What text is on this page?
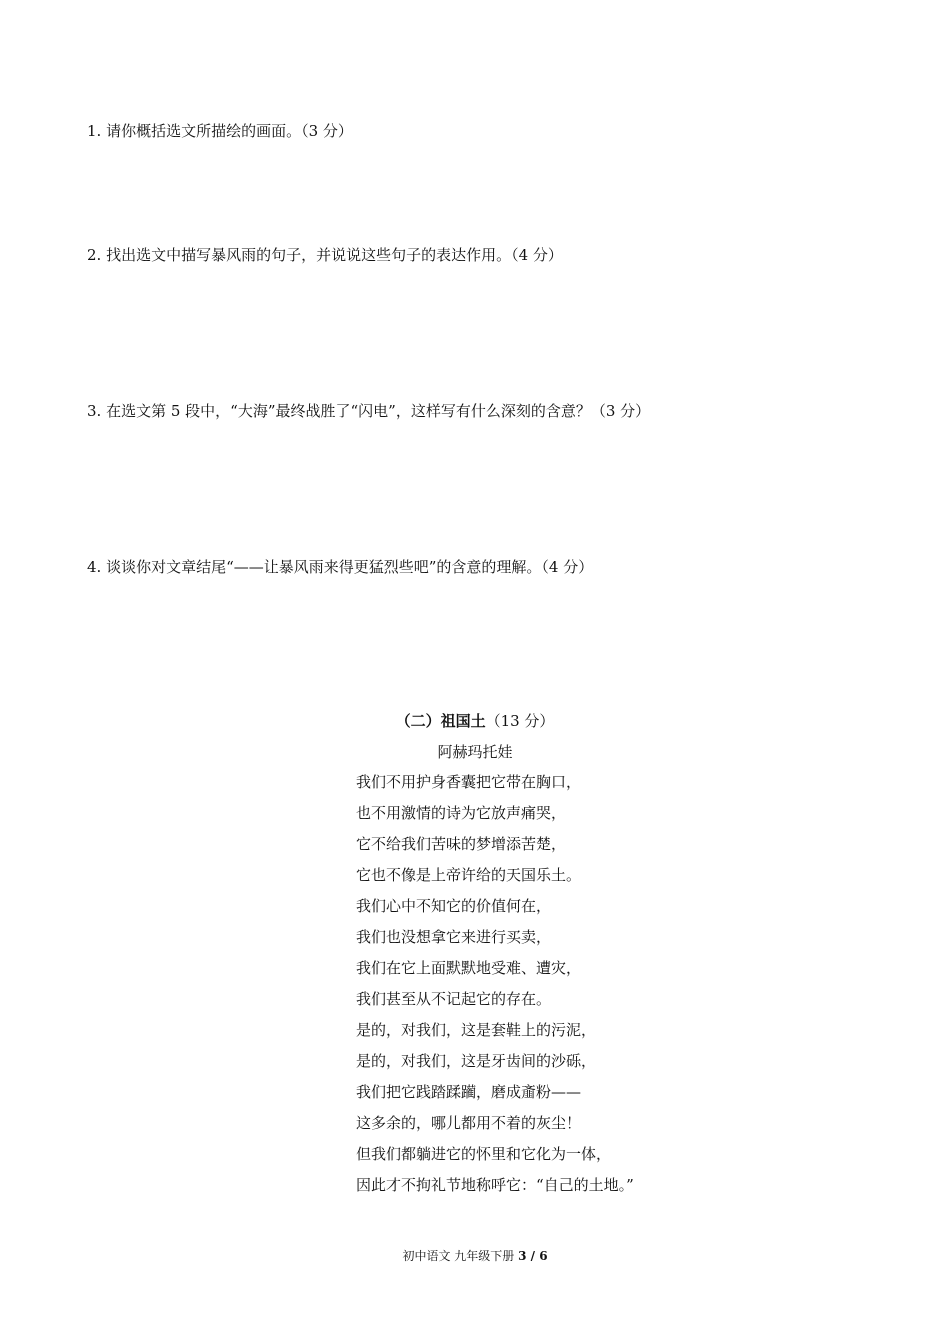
1. 请你概括选文所描绘的画面。（3 分）
2. 找出选文中描写暴风雨的句子，并说说这些句子的表达作用。（4 分）
3. 在选文第 5 段中，“大海”最终战胜了“闪电”，这样写有什么深刻的含意？（3 分）
4. 谈谈你对文章结尾“——让暴风雨来得更猛烈些吧”的含意的理解。（4 分）
（二）祖国土（13 分）
阿赫玛托娃
我们不用护身香囊把它带在胸口，
也不用激情的诗为它放声痛哭，
它不给我们苦味的梦增添苦楚，
它也不像是上帝许给的天国乐土。
我们心中不知它的价值何在，
我们也没想拿它来进行买卖，
我们在它上面默默地受难、遭灾，
我们甚至从不记起它的存在。
是的，对我们，这是套鞋上的污泥，
是的，对我们，这是牙齿间的沙砾，
我们把它践踏蹂躏，磨成齑粉——
这多余的，哪儿都用不着的灰尘！
但我们都躺进它的怀里和它化为一体，
因此才不拘礼节地称呼它：“自己的土地。”
初中语文 九年级下册 3 / 6
